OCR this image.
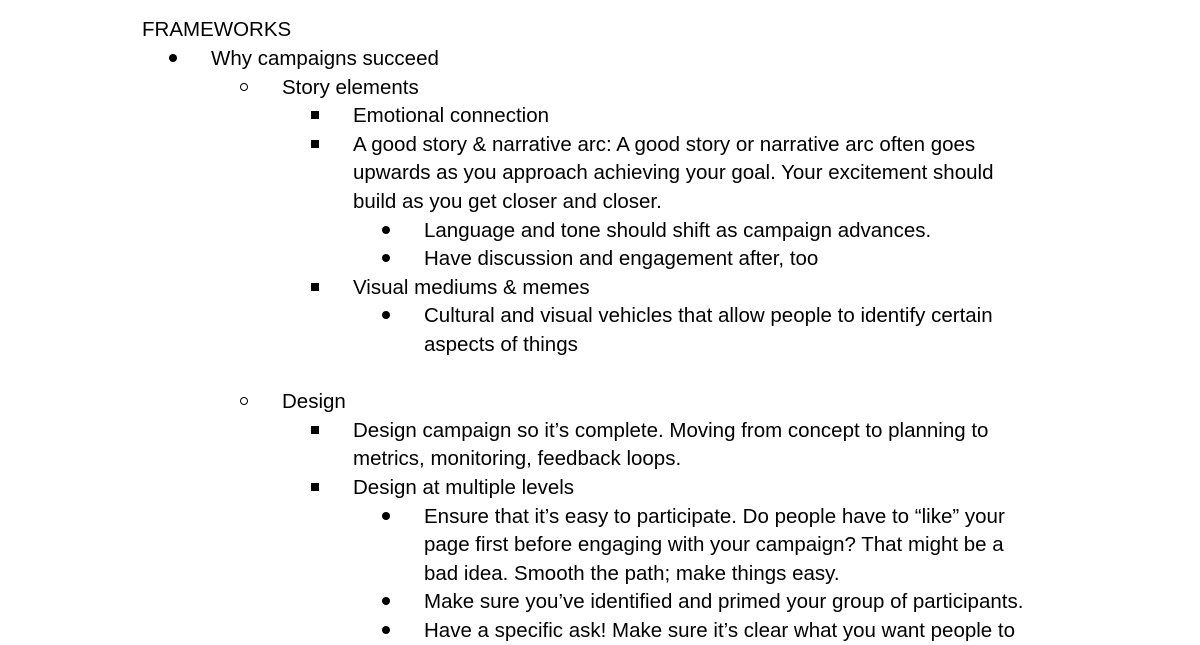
FRAMEWORKS
Why campaigns succeed
Story elements
Emotional connection
A good story & narrative arc: A good story or narrative arc often goes
upwards as you approach achieving your goal. Your excitement should
build as you get closer and closer.
Language and tone should shift as campaign advances.
Have discussion and engagement after, too
Visual mediums & memes
Cultural and visual vehicles that allow people to identify certain
aspects of things
Design
Design campaign so it’s complete. Moving from concept to planning to
metrics, monitoring, feedback loops.
Design at multiple levels
Ensure that it’s easy to participate. Do people have to “like” your
page first before engaging with your campaign? That might be a
bad idea. Smooth the path; make things easy.
Make sure you’ve identified and primed your group of participants.
Have a specific ask! Make sure it’s clear what you want people to
